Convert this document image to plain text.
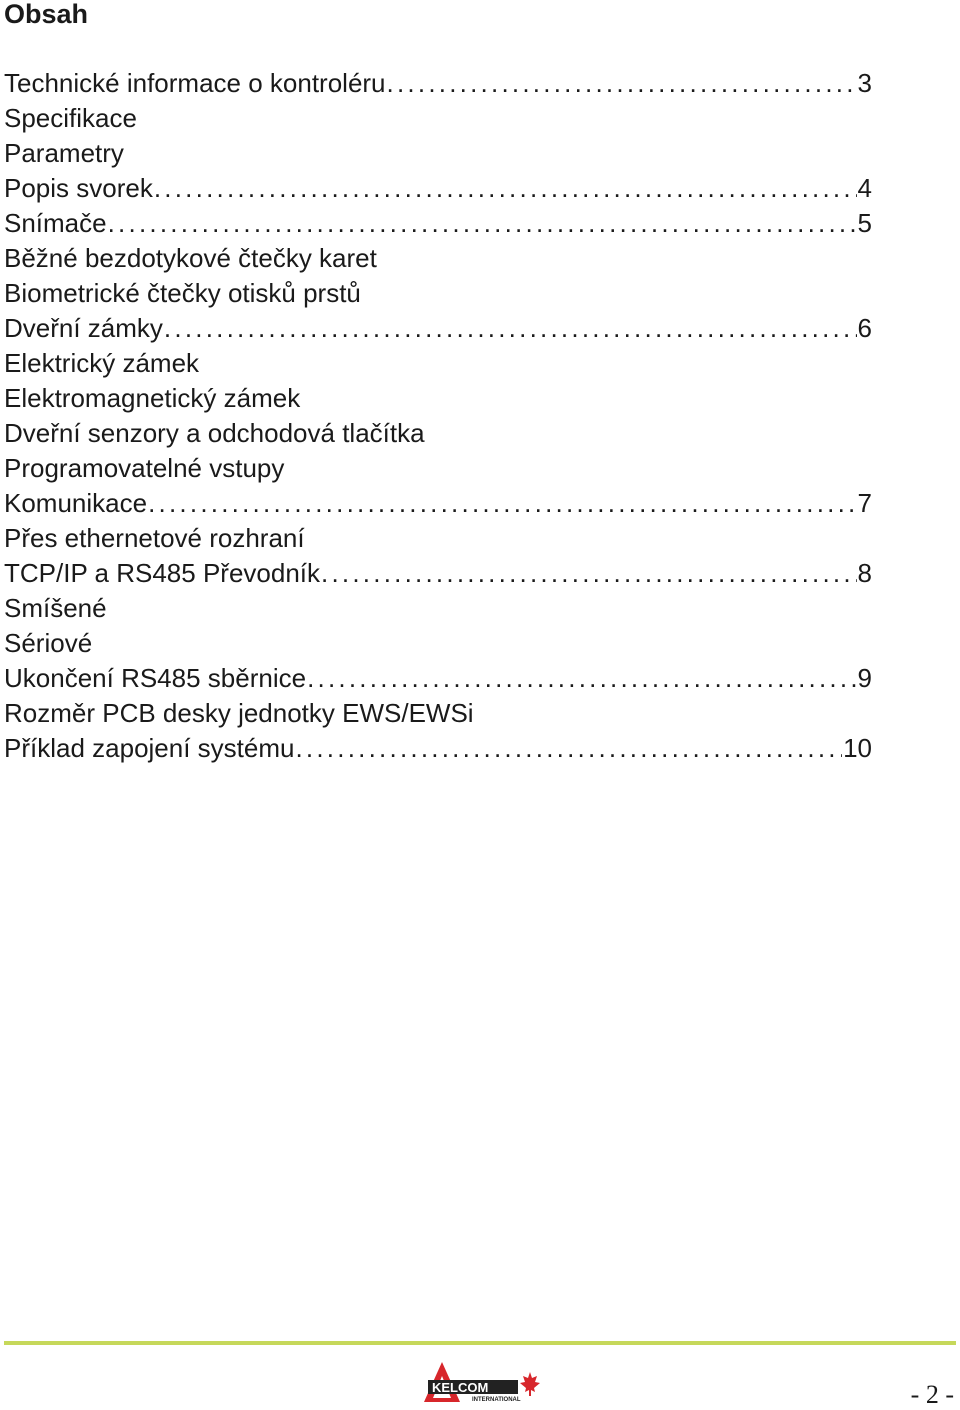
Obsah
Technické informace o kontroléru . . .	3
Specifikace
Parametry
Popis svorek . . .	4
Snímače . . .	5
Běžné bezdotykové čtečky karet
Biometrické čtečky otisků prstů
Dveřní zámky . . .	6
Elektrický zámek
Elektromagnetický zámek
Dveřní senzory a odchodová tlačítka
Programovatelné vstupy
Komunikace . . .	7
Přes ethernetové rozhraní
TCP/IP a RS485 Převodník . . .	8
Smíšené
Sériové
Ukončení RS485 sběrnice . . .	9
Rozměr PCB desky jednotky EWS/EWSi
Příklad zapojení systému . . .	10
KELCOM
INTERNATIONAL	- 2 -
